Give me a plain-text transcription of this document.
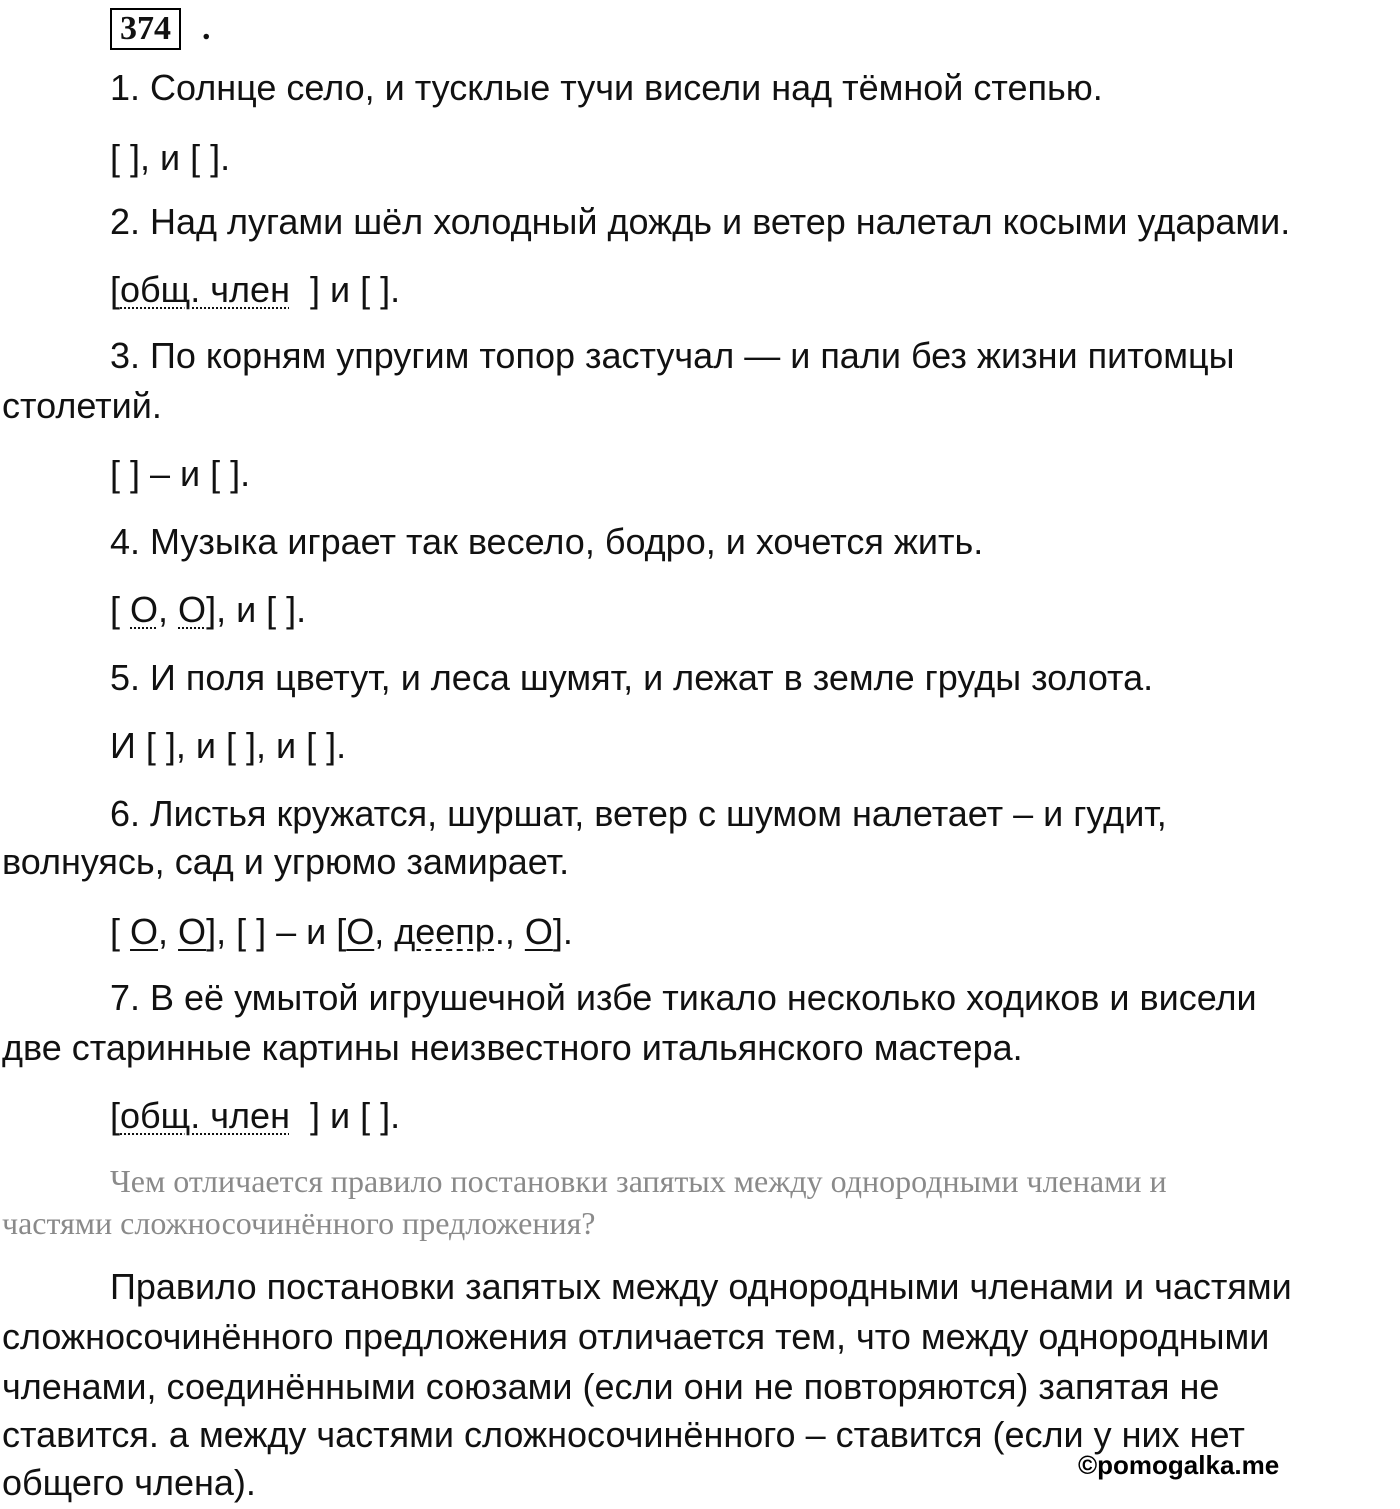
374 .
1. Солнце село, и тусклые тучи висели над тёмной степью.
[ ], и [ ].
2. Над лугами шёл холодный дождь и ветер налетал косыми ударами.
[общ. член  ] и [ ].
3. По корням упругим топор застучал — и пали без жизни питомцы
столетий.
[ ] – и [ ].
4. Музыка играет так весело, бодро, и хочется жить.
[ О, О], и [ ].
5. И поля цветут, и леса шумят, и лежат в земле груды золота.
И [ ], и [ ], и [ ].
6. Листья кружатся, шуршат, ветер с шумом налетает – и гудит,
волнуясь, сад и угрюмо замирает.
[ О, О], [ ] – и [О, деепр., О].
7. В её умытой игрушечной избе тикало несколько ходиков и висели
две старинные картины неизвестного итальянского мастера.
[общ. член  ] и [ ].
Чем отличается правило постановки запятых между однородными членами и
частями сложносочинённого предложения?
Правило постановки запятых между однородными членами и частями
сложносочинённого предложения отличается тем, что между однородными
членами, соединёнными союзами (если они не повторяются) запятая не
ставится. а между частями сложносочинённого – ставится (если у них нет
общего члена).	©pomogalka.me
